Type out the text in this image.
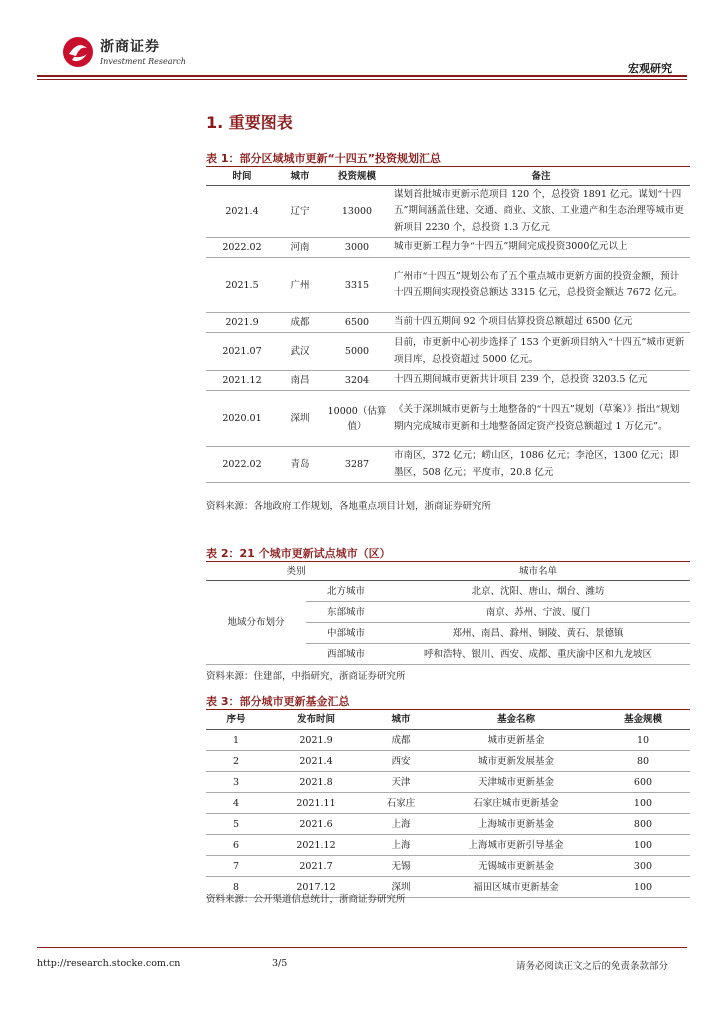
浙商证券
Investment Research
宏观研究
1. 重要图表
表 1：部分区域城市更新“十四五”投资规划汇总
时间	城市	投资规模	备注
2021.4	辽宁	13000	谋划首批城市更新示范项目 120 个，总投资 1891 亿元。谋划“十四五”期间涵盖住建、交通、商业、文旅、工业遗产和生态治理等城市更新项目 2230 个，总投资 1.3 万亿元
2022.02	河南	3000	城市更新工程力争“十四五”期间完成投资3000亿元以上
2021.5	广州	3315	广州市“十四五”规划公布了五个重点城市更新方面的投资金额，预计十四五期间实现投资总额达 3315 亿元，总投资金额达 7672 亿元。
2021.9	成都	6500	当前十四五期间 92 个项目估算投资总额超过 6500 亿元
2021.07	武汉	5000	目前，市更新中心初步选择了 153 个更新项目纳入“十四五”城市更新项目库，总投资超过 5000 亿元。
2021.12	南昌	3204	十四五期间城市更新共计项目 239 个，总投资 3203.5 亿元
2020.01	深圳	10000（估算值）	《关于深圳城市更新与土地整备的“十四五”规划（草案）》指出“规划期内完成城市更新和土地整备固定资产投资总额超过 1 万亿元”。
2022.02	青岛	3287	市南区，372 亿元；崂山区，1086 亿元；李沧区，1300 亿元；即墨区，508 亿元；平度市，20.8 亿元
资料来源：各地政府工作规划，各地重点项目计划，浙商证券研究所
表 2：21 个城市更新试点城市（区）
类别		城市名单
地域分布划分	北方城市	北京、沈阳、唐山、烟台、潍坊
	东部城市	南京、苏州、宁波、厦门
	中部城市	郑州、南昌、滁州、铜陵、黄石、景德镇
	西部城市	呼和浩特、银川、西安、成都、重庆渝中区和九龙坡区
资料来源：住建部，中指研究，浙商证券研究所
表 3：部分城市更新基金汇总
序号	发布时间	城市	基金名称	基金规模
1	2021.9	成都	城市更新基金	10
2	2021.4	西安	城市更新发展基金	80
3	2021.8	天津	天津城市更新基金	600
4	2021.11	石家庄	石家庄城市更新基金	100
5	2021.6	上海	上海城市更新基金	800
6	2021.12	上海	上海城市更新引导基金	100
7	2021.7	无锡	无锡城市更新基金	300
8	2017.12	深圳	福田区城市更新基金	100
资料来源：公开渠道信息统计，浙商证券研究所
http://research.stocke.com.cn	3/5	请务必阅读正文之后的免责条款部分
